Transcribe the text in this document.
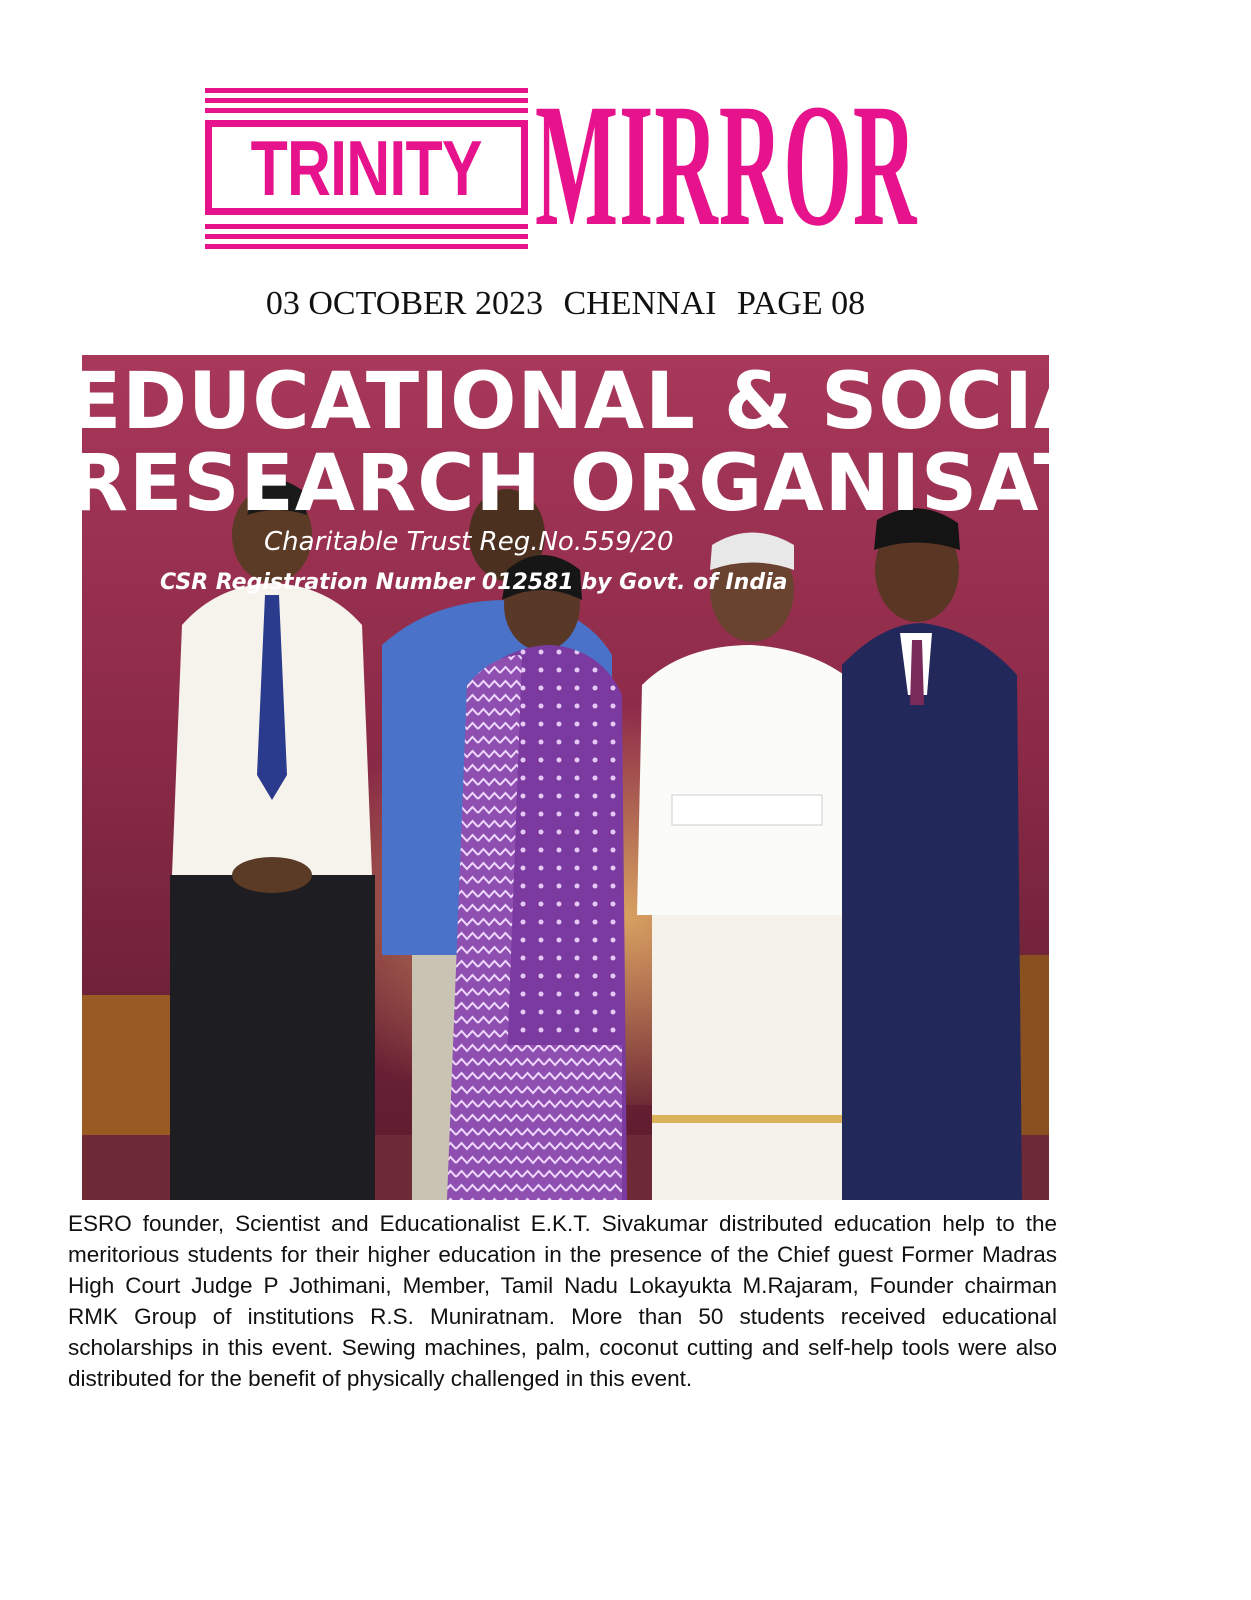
TRINITY MIRROR
03 OCTOBER 2023 CHENNAI PAGE 08
EDUCATIONAL & SOCIAL
RESEARCH ORGANISATION
Charitable Trust Reg.No.559/20
CSR Registration Number 012581 by Govt. of India
ESRO founder, Scientist and Educationalist E.K.T. Sivakumar distributed education help to the meritorious students for their higher education in the presence of the Chief guest Former Madras High Court Judge P Jothimani, Member, Tamil Nadu Lokayukta M.Rajaram, Founder chairman RMK Group of institutions R.S. Muniratnam. More than 50 students received educational scholarships in this event. Sewing machines, palm, coconut cutting and self-help tools were also distributed for the benefit of physically challenged in this event.
